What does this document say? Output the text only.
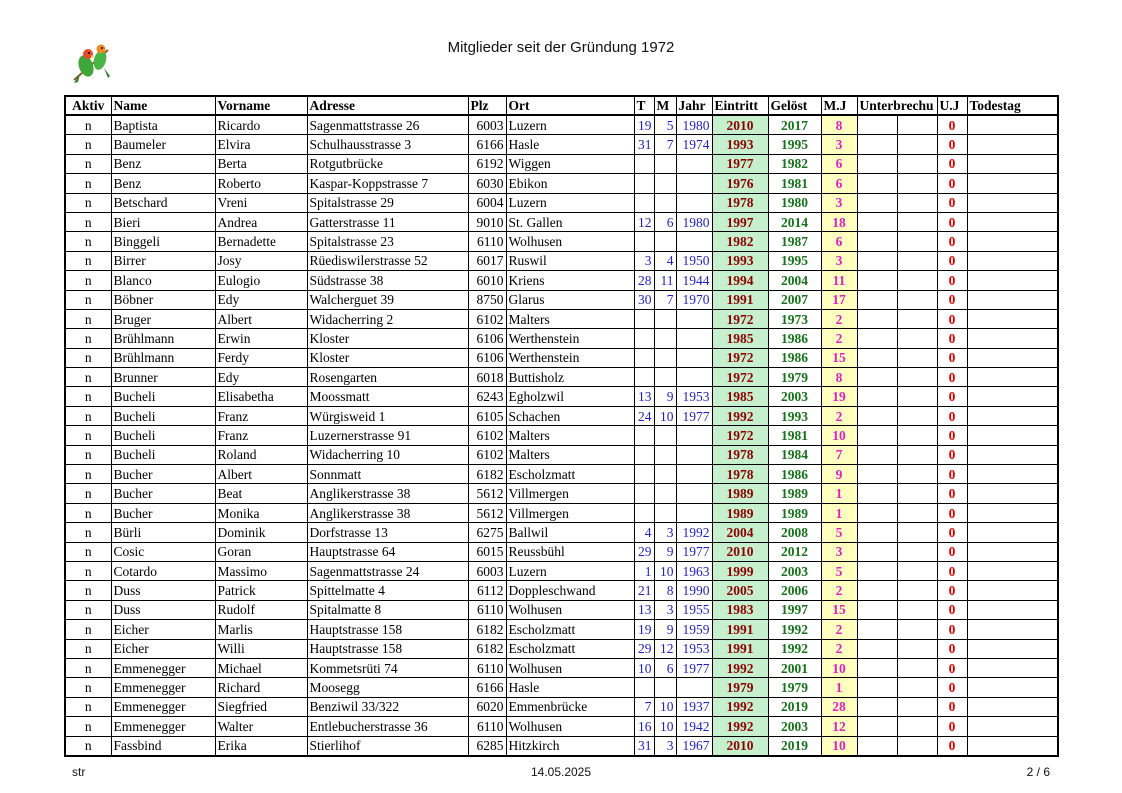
Mitglieder seit der Gründung 1972
Aktiv	Name	Vorname	Adresse	Plz	Ort	T	M	Jahr	Eintritt	Gelöst	M.J	Unterbrechu		U.J	Todestag
n	Baptista	Ricardo	Sagenmattstrasse 26	6003	Luzern	19	5	1980	2010	2017	8			0	
n	Baumeler	Elvira	Schulhausstrasse 3	6166	Hasle	31	7	1974	1993	1995	3			0	
n	Benz	Berta	Rotgutbrücke	6192	Wiggen				1977	1982	6			0	
n	Benz	Roberto	Kaspar-Koppstrasse 7	6030	Ebikon				1976	1981	6			0	
n	Betschard	Vreni	Spitalstrasse 29	6004	Luzern				1978	1980	3			0	
n	Bieri	Andrea	Gatterstrasse 11	9010	St. Gallen	12	6	1980	1997	2014	18			0	
n	Binggeli	Bernadette	Spitalstrasse 23	6110	Wolhusen				1982	1987	6			0	
n	Birrer	Josy	Rüediswilerstrasse 52	6017	Ruswil	3	4	1950	1993	1995	3			0	
n	Blanco	Eulogio	Südstrasse 38	6010	Kriens	28	11	1944	1994	2004	11			0	
n	Böbner	Edy	Walcherguet 39	8750	Glarus	30	7	1970	1991	2007	17			0	
n	Bruger	Albert	Widacherring 2	6102	Malters				1972	1973	2			0	
n	Brühlmann	Erwin	Kloster	6106	Werthenstein				1985	1986	2			0	
n	Brühlmann	Ferdy	Kloster	6106	Werthenstein				1972	1986	15			0	
n	Brunner	Edy	Rosengarten	6018	Buttisholz				1972	1979	8			0	
n	Bucheli	Elisabetha	Moossmatt	6243	Egholzwil	13	9	1953	1985	2003	19			0	
n	Bucheli	Franz	Würgisweid 1	6105	Schachen	24	10	1977	1992	1993	2			0	
n	Bucheli	Franz	Luzernerstrasse 91	6102	Malters				1972	1981	10			0	
n	Bucheli	Roland	Widacherring 10	6102	Malters				1978	1984	7			0	
n	Bucher	Albert	Sonnmatt	6182	Escholzmatt				1978	1986	9			0	
n	Bucher	Beat	Anglikerstrasse 38	5612	Villmergen				1989	1989	1			0	
n	Bucher	Monika	Anglikerstrasse 38	5612	Villmergen				1989	1989	1			0	
n	Bürli	Dominik	Dorfstrasse 13	6275	Ballwil	4	3	1992	2004	2008	5			0	
n	Cosic	Goran	Hauptstrasse 64	6015	Reussbühl	29	9	1977	2010	2012	3			0	
n	Cotardo	Massimo	Sagenmattstrasse 24	6003	Luzern	1	10	1963	1999	2003	5			0	
n	Duss	Patrick	Spittelmatte 4	6112	Doppleschwand	21	8	1990	2005	2006	2			0	
n	Duss	Rudolf	Spitalmatte 8	6110	Wolhusen	13	3	1955	1983	1997	15			0	
n	Eicher	Marlis	Hauptstrasse 158	6182	Escholzmatt	19	9	1959	1991	1992	2			0	
n	Eicher	Willi	Hauptstrasse 158	6182	Escholzmatt	29	12	1953	1991	1992	2			0	
n	Emmenegger	Michael	Kommetsrüti 74	6110	Wolhusen	10	6	1977	1992	2001	10			0	
n	Emmenegger	Richard	Moosegg	6166	Hasle				1979	1979	1			0	
n	Emmenegger	Siegfried	Benziwil 33/322	6020	Emmenbrücke	7	10	1937	1992	2019	28			0	
n	Emmenegger	Walter	Entlebucherstrasse 36	6110	Wolhusen	16	10	1942	1992	2003	12			0	
n	Fassbind	Erika	Stierlihof	6285	Hitzkirch	31	3	1967	2010	2019	10			0	
str	14.05.2025	2 / 6
